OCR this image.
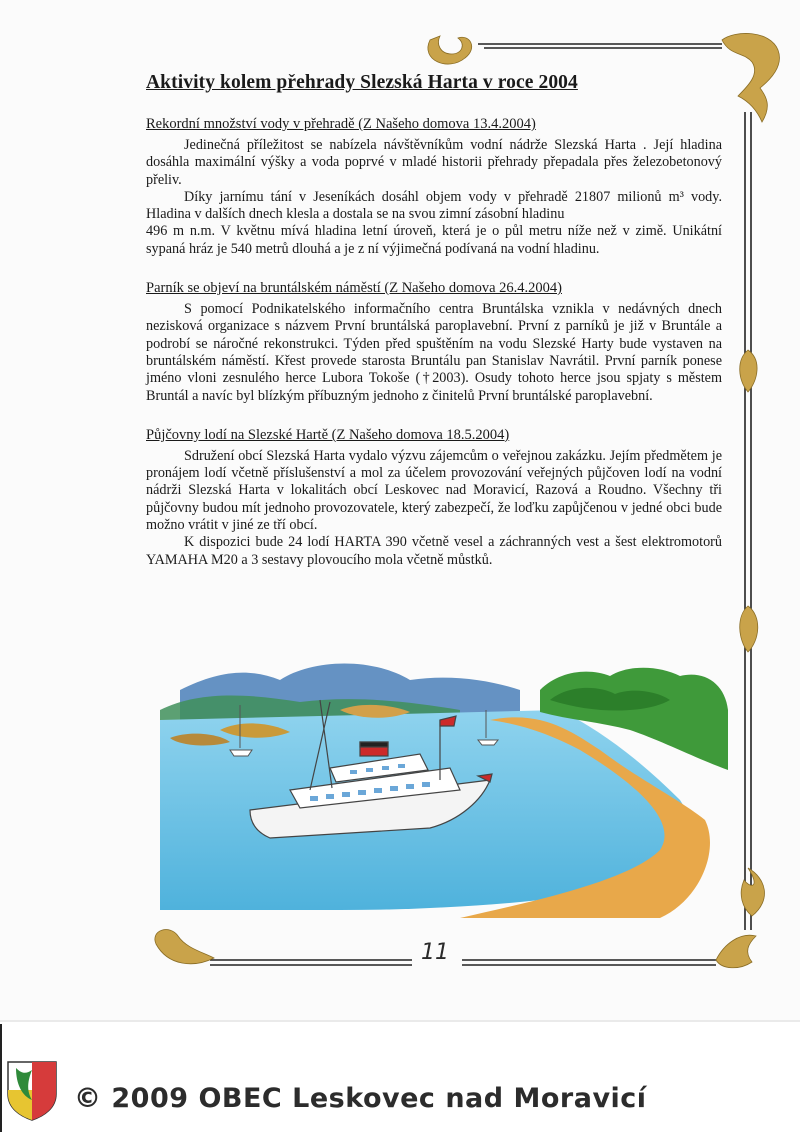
Aktivity kolem přehrady Slezská Harta v roce 2004
Rekordní množství vody v přehradě (Z Našeho domova 13.4.2004)

Jedinečná příležitost se nabízela návštěvníkům vodní nádrže Slezská Harta . Její hladina dosáhla maximální výšky a voda poprvé v mladé historii přehrady přepadala přes železobetonový přeliv.

Díky jarnímu tání v Jeseníkách dosáhl objem vody v přehradě 21807 milionů m³ vody. Hladina v dalších dnech klesla a dostala se na svou zimní zásobní hladinu

496 m n.m. V květnu mívá hladina letní úroveň, která je o půl metru níže než v zimě. Unikátní sypaná hráz je 540 metrů dlouhá a je z ní výjimečná podívaná na vodní hladinu.

Parník se objeví na bruntálském náměstí (Z Našeho domova 26.4.2004)

S pomocí Podnikatelského informačního centra Bruntálska vznikla v nedávných dnech nezisková organizace s názvem První bruntálská paroplavební. První z parníků je již v Bruntále a podrobí se náročné rekonstrukci. Týden před spuštěním na vodu Slezské Harty bude vystaven na bruntálském náměstí. Křest provede starosta Bruntálu pan Stanislav Navrátil. První parník ponese jméno vloni zesnulého herce Lubora Tokoše (†2003). Osudy tohoto herce jsou spjaty s městem Bruntál a navíc byl blízkým příbuzným jednoho z činitelů První bruntálské paroplavební.

Půjčovny lodí na Slezské Hartě (Z Našeho domova 18.5.2004)

Sdružení obcí Slezská Harta vydalo výzvu zájemcům o veřejnou zakázku. Jejím předmětem je pronájem lodí včetně příslušenství a mol za účelem provozování veřejných půjčoven lodí na vodní nádrži Slezská Harta v lokalitách obcí Leskovec nad Moravicí, Razová a Roudno. Všechny tři půjčovny budou mít jednoho provozovatele, který zabezpečí, že loďku zapůjčenou v jedné obci bude možno vrátit v jiné ze tří obcí.

K dispozici bude 24 lodí HARTA 390 včetně vesel a záchranných vest a šest elektromotorů YAMAHA M20 a 3 sestavy plovoucího mola včetně můstků.

11
© 2009 OBEC Leskovec nad Moravicí
